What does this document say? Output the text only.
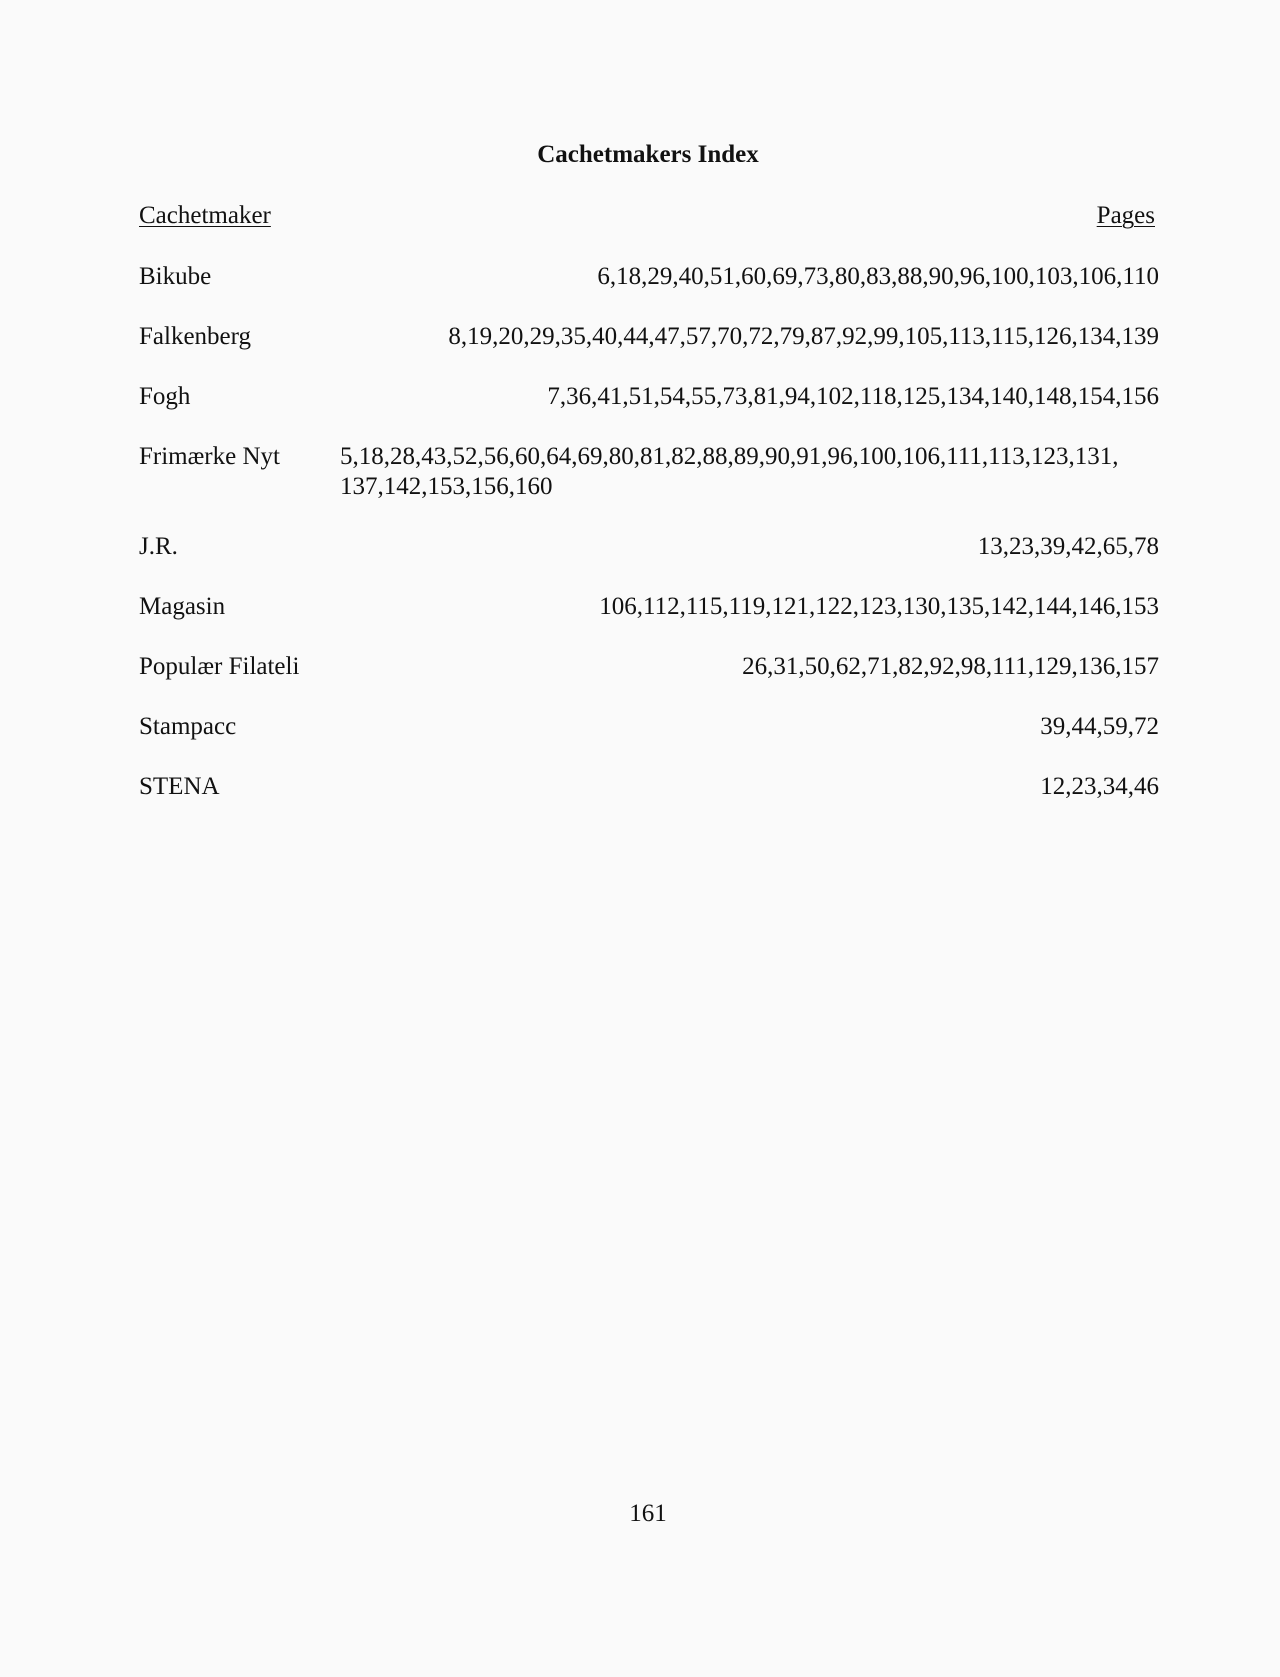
Cachetmakers Index
Cachetmaker	Pages
Bikube	6,18,29,40,51,60,69,73,80,83,88,90,96,100,103,106,110
Falkenberg	8,19,20,29,35,40,44,47,57,70,72,79,87,92,99,105,113,115,126,134,139
Fogh	7,36,41,51,54,55,73,81,94,102,118,125,134,140,148,154,156
Frimærke Nyt 5,18,28,43,52,56,60,64,69,80,81,82,88,89,90,91,96,100,106,111,113,123,131, 137,142,153,156,160
J.R.	13,23,39,42,65,78
Magasin	106,112,115,119,121,122,123,130,135,142,144,146,153
Populær Filateli	26,31,50,62,71,82,92,98,111,129,136,157
Stampacc	39,44,59,72
STENA	12,23,34,46
161
